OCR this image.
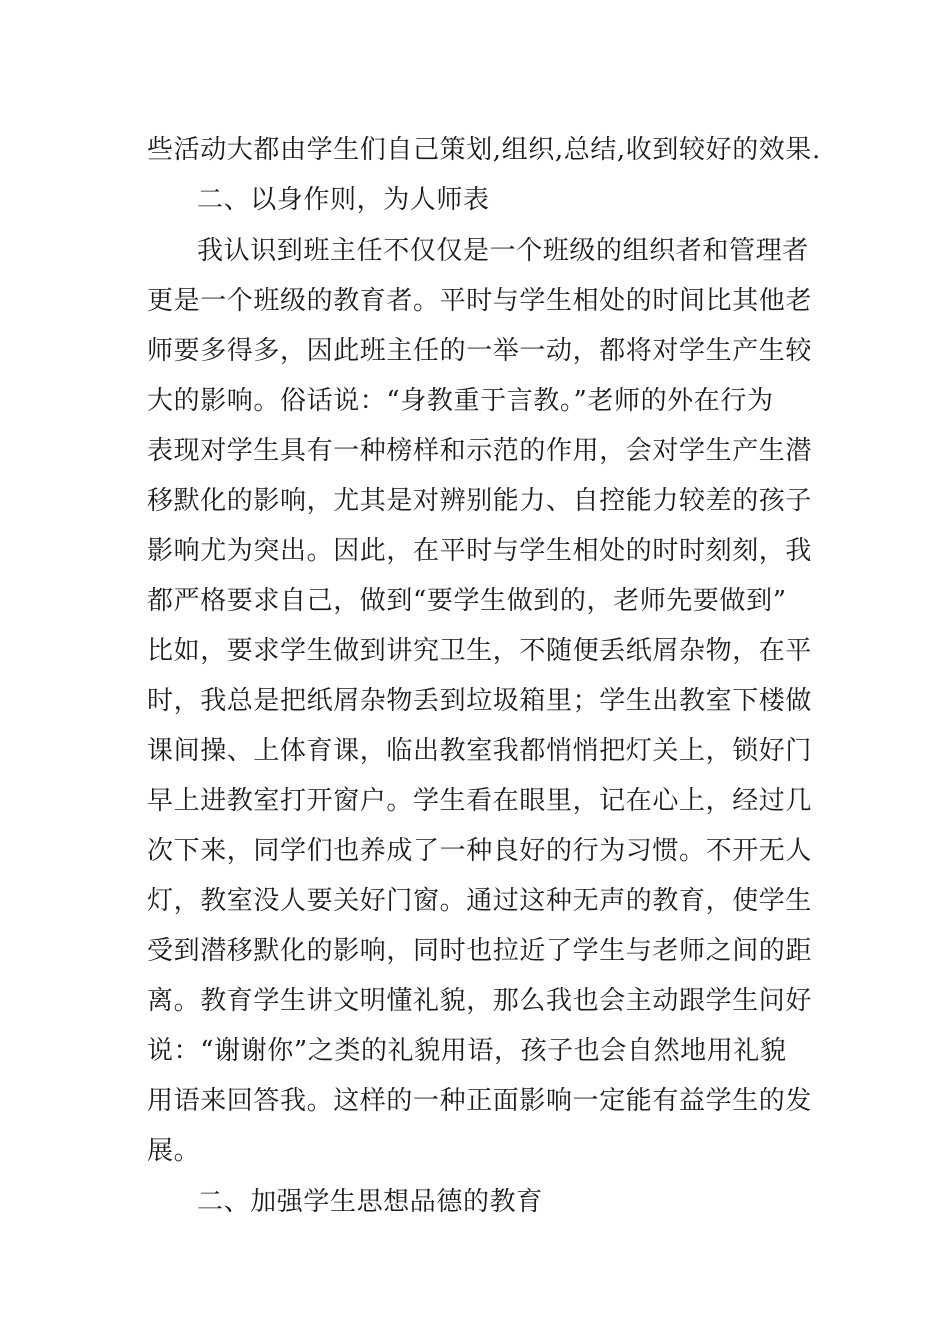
些活动大都由学生们自己策划,组织,总结,收到较好的效果.
二、以身作则，为人师表
我认识到班主任不仅仅是一个班级的组织者和管理者
更是一个班级的教育者。平时与学生相处的时间比其他老
师要多得多，因此班主任的一举一动，都将对学生产生较
大的影响。俗话说：“身教重于言教。”老师的外在行为
表现对学生具有一种榜样和示范的作用，会对学生产生潜
移默化的影响，尤其是对辨别能力、自控能力较差的孩子
影响尤为突出。因此，在平时与学生相处的时时刻刻，我
都严格要求自己，做到“要学生做到的，老师先要做到”
比如，要求学生做到讲究卫生，不随便丢纸屑杂物，在平
时，我总是把纸屑杂物丢到垃圾箱里；学生出教室下楼做
课间操、上体育课，临出教室我都悄悄把灯关上，锁好门
早上进教室打开窗户。学生看在眼里，记在心上，经过几
次下来，同学们也养成了一种良好的行为习惯。不开无人
灯，教室没人要关好门窗。通过这种无声的教育，使学生
受到潜移默化的影响，同时也拉近了学生与老师之间的距
离。教育学生讲文明懂礼貌，那么我也会主动跟学生问好
说：“谢谢你”之类的礼貌用语，孩子也会自然地用礼貌
用语来回答我。这样的一种正面影响一定能有益学生的发
展。
二、加强学生思想品德的教育
